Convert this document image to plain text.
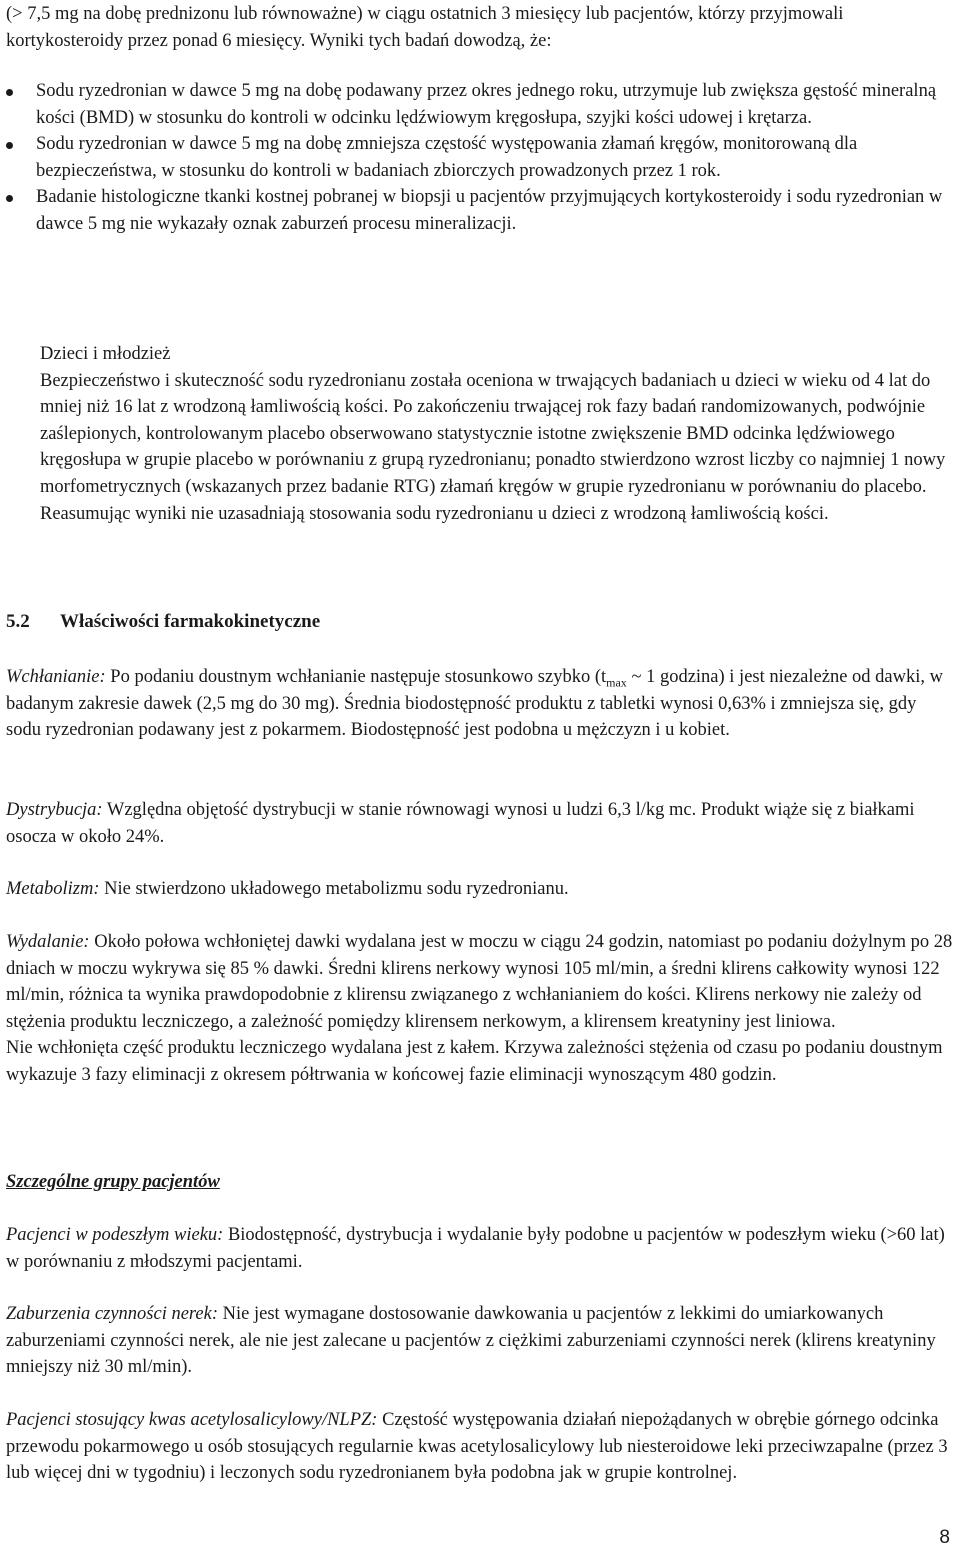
(> 7,5 mg na dobę prednizonu lub równoważne) w ciągu ostatnich 3 miesięcy lub pacjentów, którzy przyjmowali kortykosteroidy przez ponad 6 miesięcy. Wyniki tych badań dowodzą, że:

Sodu ryzedronian w dawce 5 mg na dobę podawany przez okres jednego roku, utrzymuje lub zwiększa gęstość mineralną kości (BMD) w stosunku do kontroli w odcinku lędźwiowym kręgosłupa, szyjki kości udowej i krętarza.
Sodu ryzedronian w dawce 5 mg na dobę zmniejsza częstość występowania złamań kręgów, monitorowaną dla bezpieczeństwa, w stosunku do kontroli w badaniach zbiorczych prowadzonych przez 1 rok.
Badanie histologiczne tkanki kostnej pobranej w biopsji u pacjentów przyjmujących kortykosteroidy i sodu ryzedronian w dawce 5 mg nie wykazały oznak zaburzeń procesu mineralizacji.
Dzieci i młodzież
Bezpieczeństwo i skuteczność sodu ryzedronianu została oceniona w trwających badaniach u dzieci w wieku od 4 lat do mniej niż 16 lat z wrodzoną łamliwością kości. Po zakończeniu trwającej rok fazy badań randomizowanych, podwójnie zaślepionych, kontrolowanym placebo obserwowano statystycznie istotne zwiększenie BMD odcinka lędźwiowego kręgosłupa w grupie placebo w porównaniu z grupą ryzedronianu; ponadto stwierdzono wzrost liczby co najmniej 1 nowy morfometrycznych (wskazanych przez badanie RTG) złamań kręgów w grupie ryzedronianu w porównaniu do placebo. Reasumując wyniki nie uzasadniają stosowania sodu ryzedronianu u dzieci z wrodzoną łamliwością kości.
5.2 Właściwości farmakokinetyczne

Wchłanianie: Po podaniu doustnym wchłanianie następuje stosunkowo szybko ($t_{max}$ ~ 1 godzina) i jest niezależne od dawki, w badanym zakresie dawek (2,5 mg do 30 mg). Średnia biodostępność produktu z tabletki wynosi 0,63% i zmniejsza się, gdy sodu ryzedronian podawany jest z pokarmem. Biodostępność jest podobna u mężczyzn i u kobiet.

Dystrybucja: Względna objętość dystrybucji w stanie równowagi wynosi u ludzi 6,3 l/kg mc. Produkt wiąże się z białkami osocza w około 24%.

Metabolizm: Nie stwierdzono układowego metabolizmu sodu ryzedronianu.

Wydalanie: Około połowa wchłoniętej dawki wydalana jest w moczu w ciągu 24 godzin, natomiast po podaniu dożylnym po 28 dniach w moczu wykrywa się 85 % dawki. Średni klirens nerkowy wynosi 105 ml/min, a średni klirens całkowity wynosi 122 ml/min, różnica ta wynika prawdopodobnie z klirensu związanego z wchłanianiem do kości. Klirens nerkowy nie zależy od stężenia produktu leczniczego, a zależność pomiędzy klirensem nerkowym, a klirensem kreatyniny jest liniowa.
Nie wchłonięta część produktu leczniczego wydalana jest z kałem. Krzywa zależności stężenia od czasu po podaniu doustnym wykazuje 3 fazy eliminacji z okresem półtrwania w końcowej fazie eliminacji wynoszącym 480 godzin.

Szczególne grupy pacjentów

Pacjenci w podeszłym wieku: Biodostępność, dystrybucja i wydalanie były podobne u pacjentów w podeszłym wieku (>60 lat) w porównaniu z młodszymi pacjentami.

Zaburzenia czynności nerek: Nie jest wymagane dostosowanie dawkowania u pacjentów z lekkimi do umiarkowanych zaburzeniami czynności nerek, ale nie jest zalecane u pacjentów z ciężkimi zaburzeniami czynności nerek (klirens kreatyniny mniejszy niż 30 ml/min).

Pacjenci stosujący kwas acetylosalicylowy/NLPZ: Częstość występowania działań niepożądanych w obrębie górnego odcinka przewodu pokarmowego u osób stosujących regularnie kwas acetylosalicylowy lub niesteroidowe leki przeciwzapalne (przez 3 lub więcej dni w tygodniu) i leczonych sodu ryzedronianem była podobna jak w grupie kontrolnej.

8
